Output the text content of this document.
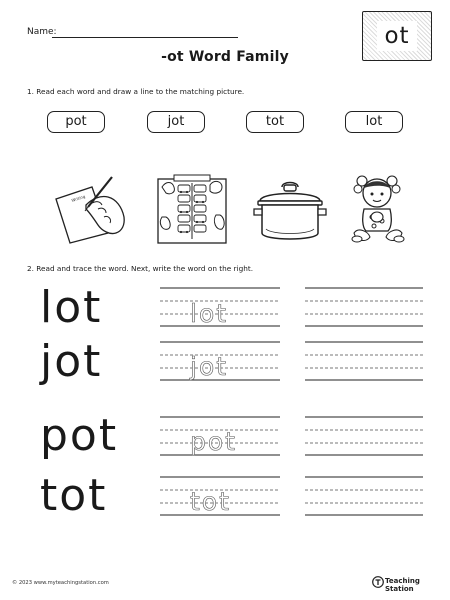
Name:
-ot Word Family
ot
1. Read each word and draw a line to the matching picture.
pot	jot	tot	lot
Writing
2. Read and trace the word. Next, write the word on the right.
lot	lot
jot	jot
pot	pot
tot	tot
© 2023 www.myteachingstation.com	Teaching Station
